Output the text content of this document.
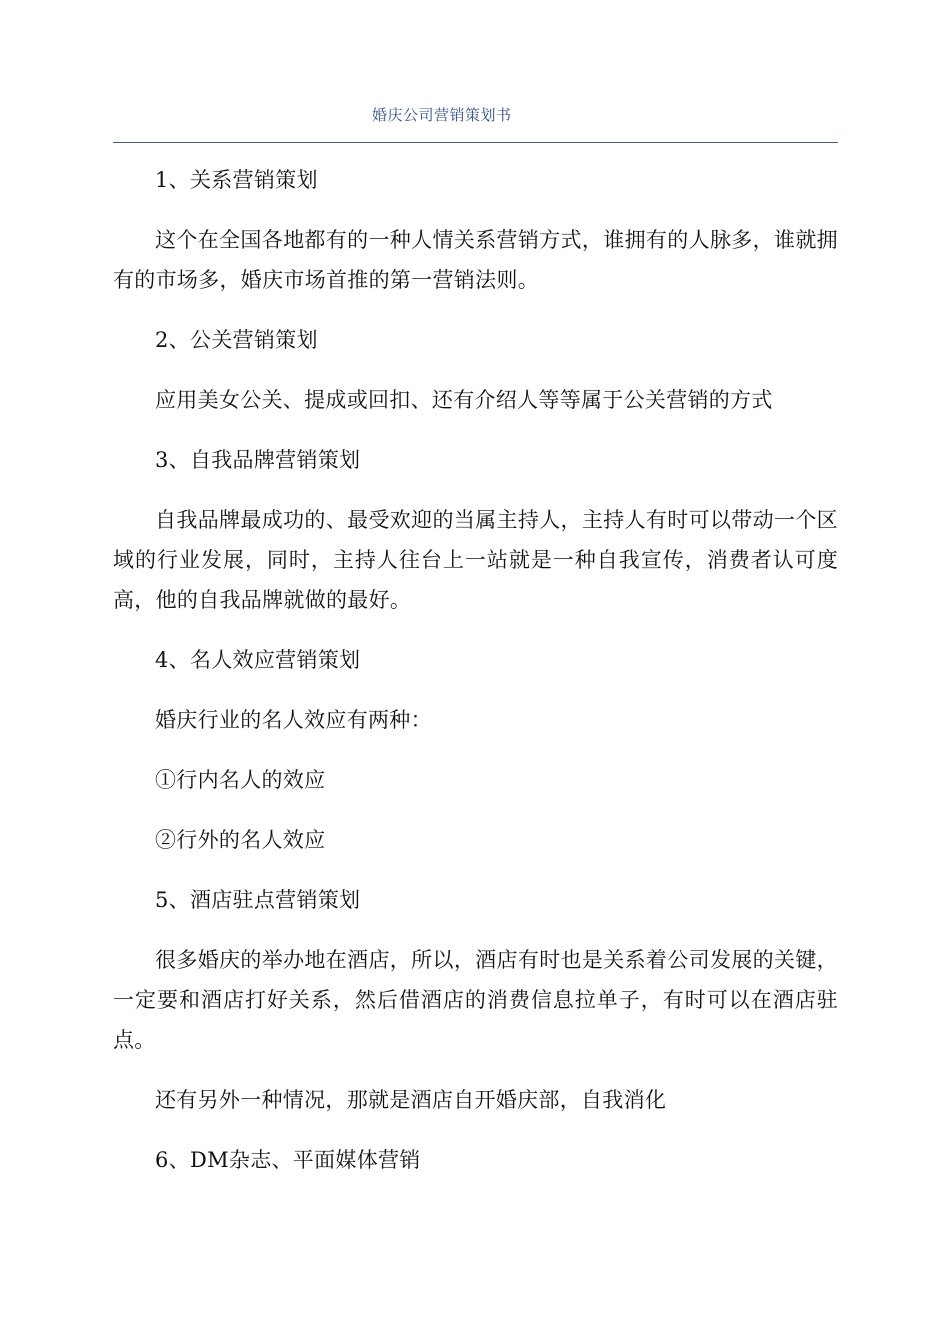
婚庆公司营销策划书

1、关系营销策划

这个在全国各地都有的一种人情关系营销方式，谁拥有的人脉多，谁就拥有的市场多，婚庆市场首推的第一营销法则。

2、公关营销策划

应用美女公关、提成或回扣、还有介绍人等等属于公关营销的方式

3、自我品牌营销策划

自我品牌最成功的、最受欢迎的当属主持人，主持人有时可以带动一个区域的行业发展，同时，主持人往台上一站就是一种自我宣传，消费者认可度高，他的自我品牌就做的最好。

4、名人效应营销策划

婚庆行业的名人效应有两种：

①行内名人的效应

②行外的名人效应

5、酒店驻点营销策划

很多婚庆的举办地在酒店，所以，酒店有时也是关系着公司发展的关键，一定要和酒店打好关系，然后借酒店的消费信息拉单子，有时可以在酒店驻点。

还有另外一种情况，那就是酒店自开婚庆部，自我消化

6、DM杂志、平面媒体营销
